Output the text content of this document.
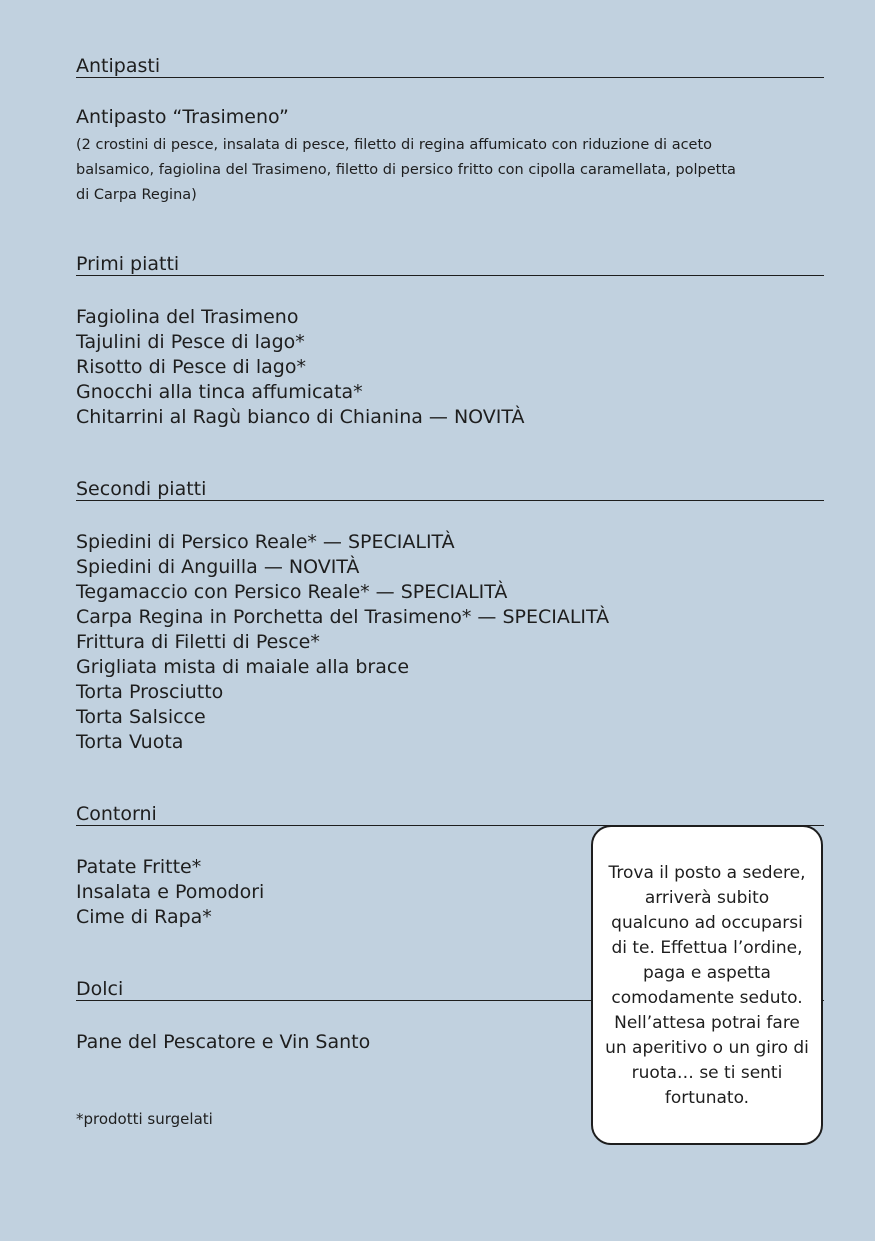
Antipasti
Antipasto “Trasimeno”
(2 crostini di pesce, insalata di pesce, filetto di regina affumicato con riduzione di aceto balsamico, fagiolina del Trasimeno, filetto di persico fritto con cipolla caramellata, polpetta di Carpa Regina)
Primi piatti
Fagiolina del Trasimeno
Tajulini di Pesce di lago*
Risotto di Pesce di lago*
Gnocchi alla tinca affumicata*
Chitarrini al Ragù bianco di Chianina — NOVITÀ
Secondi piatti
Spiedini di Persico Reale* — SPECIALITÀ
Spiedini di Anguilla — NOVITÀ
Tegamaccio con Persico Reale* — SPECIALITÀ
Carpa Regina in Porchetta del Trasimeno* — SPECIALITÀ
Frittura di Filetti di Pesce*
Grigliata mista di maiale alla brace
Torta Prosciutto
Torta Salsicce
Torta Vuota
Contorni
Patate Fritte*
Insalata e Pomodori
Cime di Rapa*
Dolci
Pane del Pescatore e Vin Santo
*prodotti surgelati
Trova il posto a sedere, arriverà subito qualcuno ad occuparsi di te. Effettua l’ordine, paga e aspetta comodamente seduto. Nell’attesa potrai fare un aperitivo o un giro di ruota… se ti senti fortunato.
